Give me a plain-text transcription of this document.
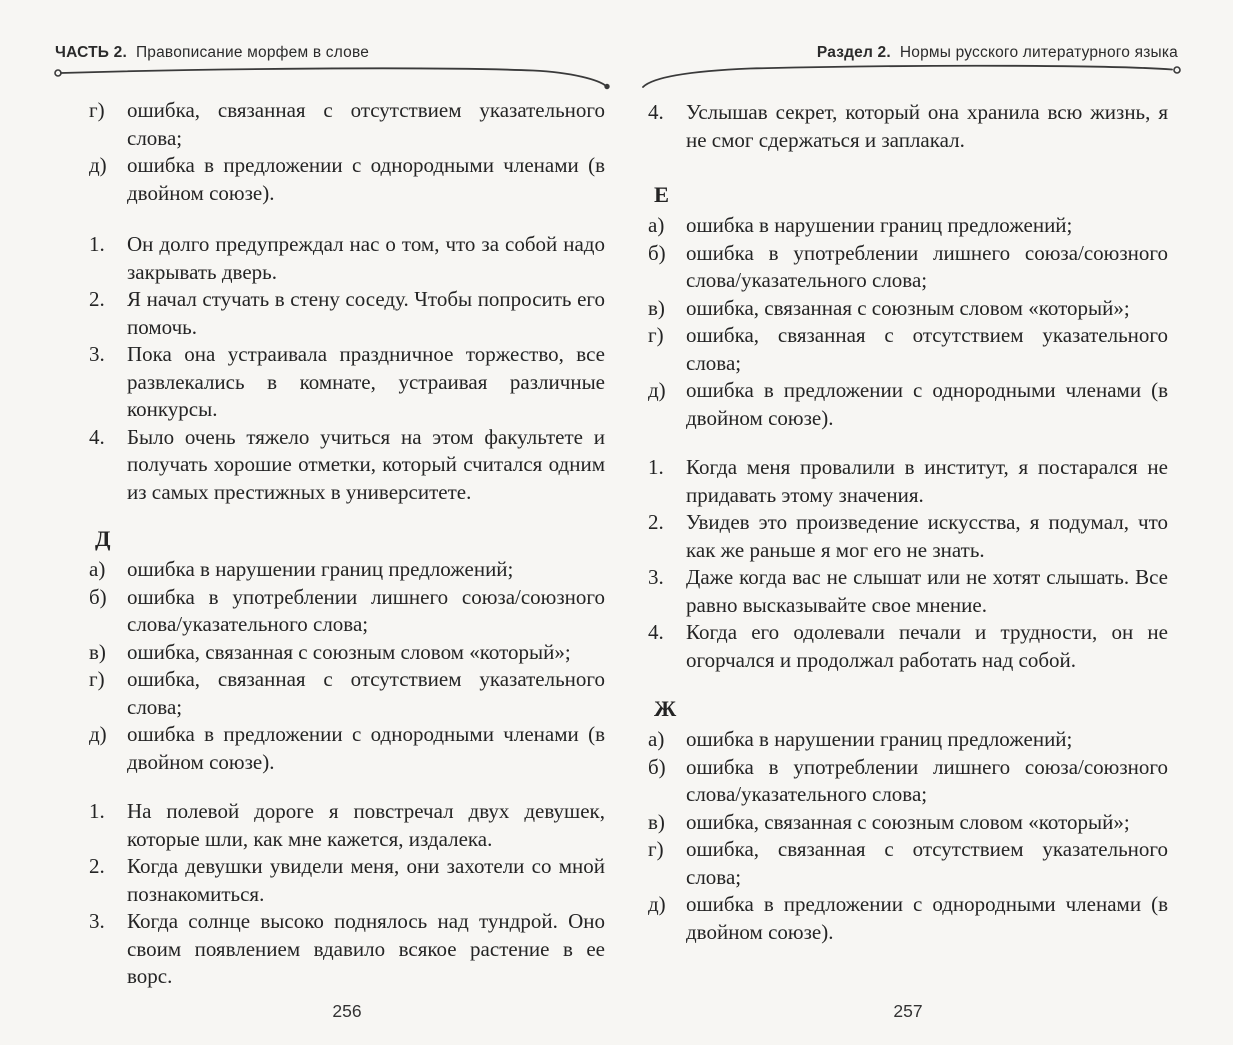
ЧАСТЬ 2. Правописание морфем в слове
г)	ошибка, связанная с отсутствием указательного слова;
д) ошибка в предложении с однородными членами (в двойном союзе).
1.	Он долго предупреждал нас о том, что за собой надо закрывать дверь.
2.	Я начал стучать в стену соседу. Чтобы попросить его помочь.
3.	Пока она устраивала праздничное торжество, все развлекались в комнате, устраивая различные конкурсы.
4.	Было очень тяжело учиться на этом факультете и получать хорошие отметки, который считался одним из самых престижных в университете.
Д
а)	ошибка в нарушении границ предложений;
б) ошибка в употреблении лишнего союза/союзного слова/указательного слова;
в)	ошибка, связанная с союзным словом «который»;
г)	ошибка, связанная с отсутствием указательного слова;
д) ошибка в предложении с однородными членами (в двойном союзе).
1.	На полевой дороге я повстречал двух девушек, которые шли, как мне кажется, издалека.
2.	Когда девушки увидели меня, они захотели со мной познакомиться.
3.	Когда солнце высоко поднялось над тундрой. Оно своим появлением вдавило всякое растение в ее ворс.
256
Раздел 2. Нормы русского литературного языка
4.	Услышав секрет, который она хранила всю жизнь, я не смог сдержаться и заплакал.
Е
а)	ошибка в нарушении границ предложений;
б) ошибка в употреблении лишнего союза/союзного слова/указательного слова;
в)	ошибка, связанная с союзным словом «который»;
г)	ошибка, связанная с отсутствием указательного слова;
д) ошибка в предложении с однородными членами (в двойном союзе).
1.	Когда меня провалили в институт, я постарался не придавать этому значения.
2.	Увидев это произведение искусства, я подумал, что как же раньше я мог его не знать.
3.	Даже когда вас не слышат или не хотят слышать. Все равно высказывайте свое мнение.
4.	Когда его одолевали печали и трудности, он не огорчался и продолжал работать над собой.
Ж
а)	ошибка в нарушении границ предложений;
б) ошибка в употреблении лишнего союза/союзного слова/указательного слова;
в)	ошибка, связанная с союзным словом «который»;
г)	ошибка, связанная с отсутствием указательного слова;
д) ошибка в предложении с однородными членами (в двойном союзе).
257
